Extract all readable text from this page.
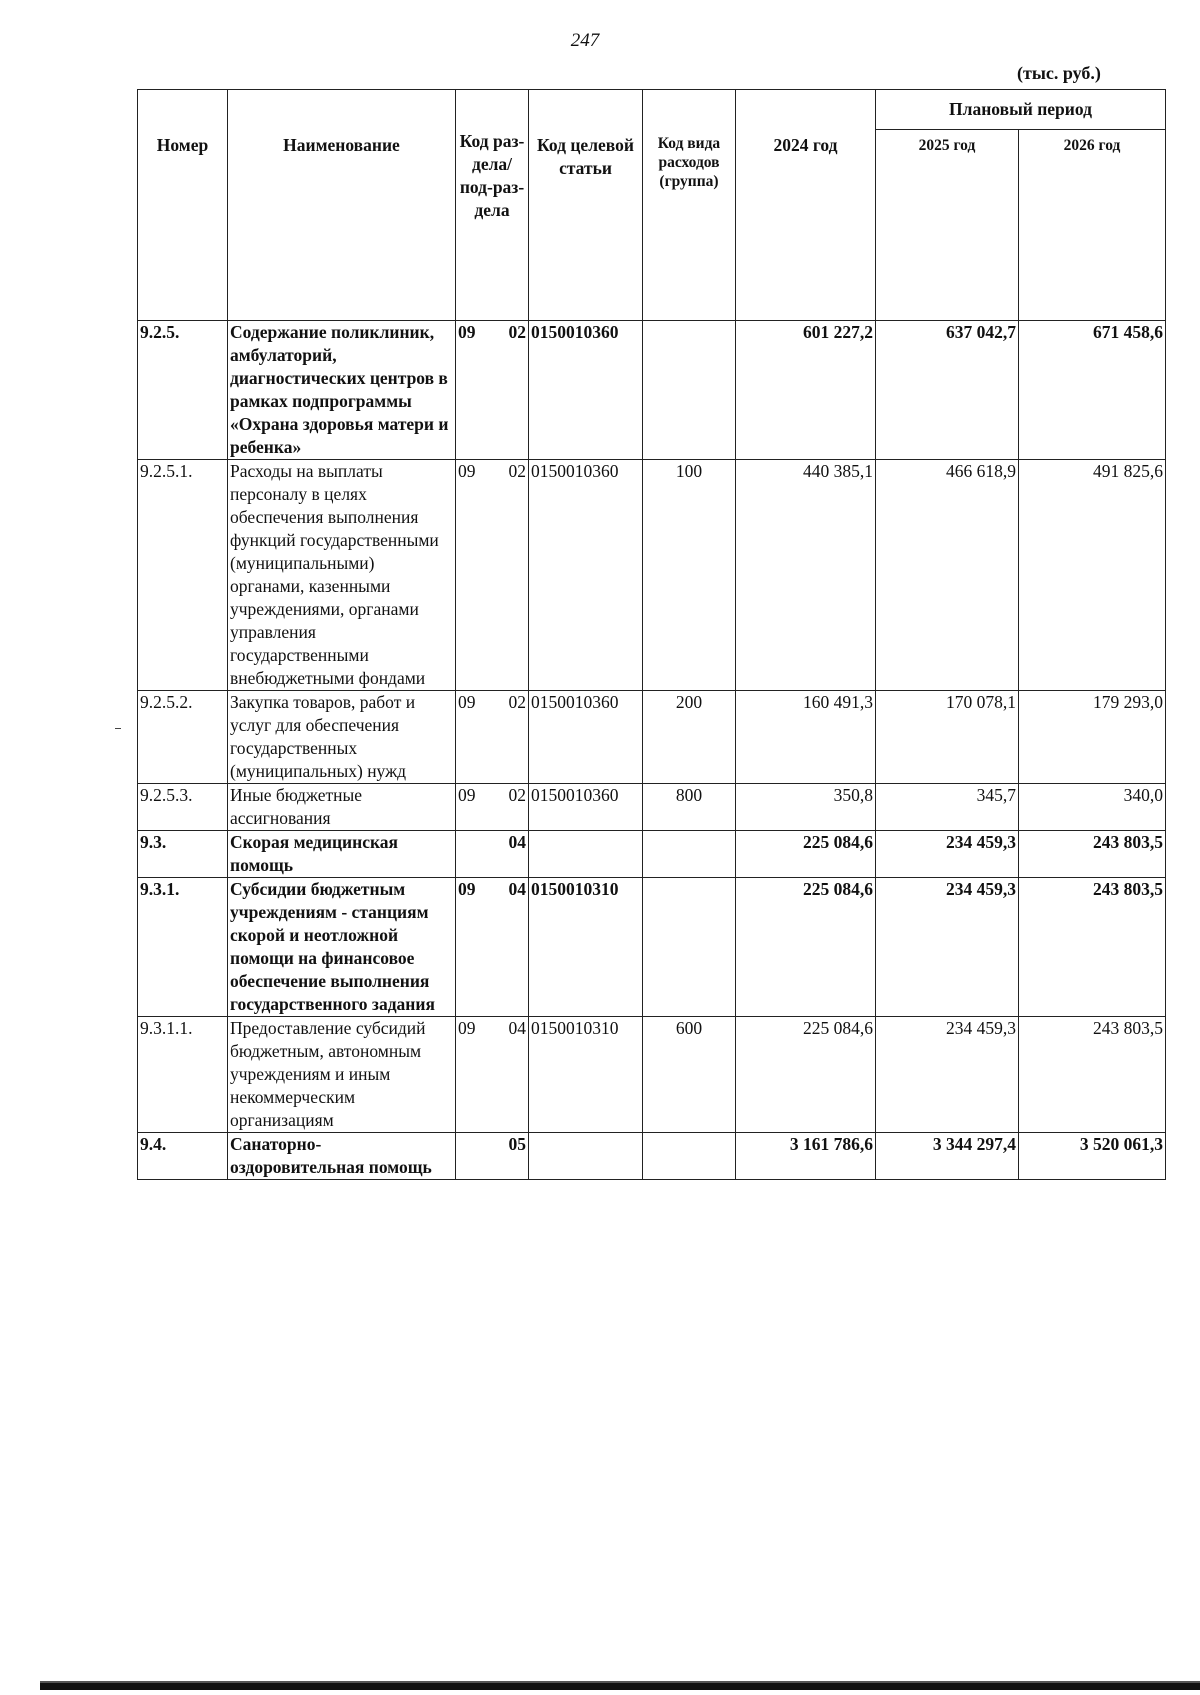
247
(тыс. руб.)
Номер	Наименование	Код раз-дела/ под-раз-дела	Код целевой статьи	Код вида расходов (группа)	2024 год	Плановый период	
						2025 год	2026 год
9.2.5.	Содержание поликлиник, амбулаторий, диагностических центров в рамках подпрограммы «Охрана здоровья матери и ребенка»	09 02	0150010360		601 227,2	637 042,7	671 458,6
9.2.5.1.	Расходы на выплаты персоналу в целях обеспечения выполнения функций государственными (муниципальными) органами, казенными учреждениями, органами управления государственными внебюджетными фондами	09 02	0150010360	100	440 385,1	466 618,9	491 825,6
9.2.5.2.	Закупка товаров, работ и услуг для обеспечения государственных (муниципальных) нужд	09 02	0150010360	200	160 491,3	170 078,1	179 293,0
9.2.5.3.	Иные бюджетные ассигнования	09 02	0150010360	800	350,8	345,7	340,0
9.3.	Скорая медицинская помощь	04			225 084,6	234 459,3	243 803,5
9.3.1.	Субсидии бюджетным учреждениям - станциям скорой и неотложной помощи на финансовое обеспечение выполнения государственного задания	09 04	0150010310		225 084,6	234 459,3	243 803,5
9.3.1.1.	Предоставление субсидий бюджетным, автономным учреждениям и иным некоммерческим организациям	09 04	0150010310	600	225 084,6	234 459,3	243 803,5
9.4.	Санаторно-оздоровительная помощь	05			3 161 786,6	3 344 297,4	3 520 061,3
